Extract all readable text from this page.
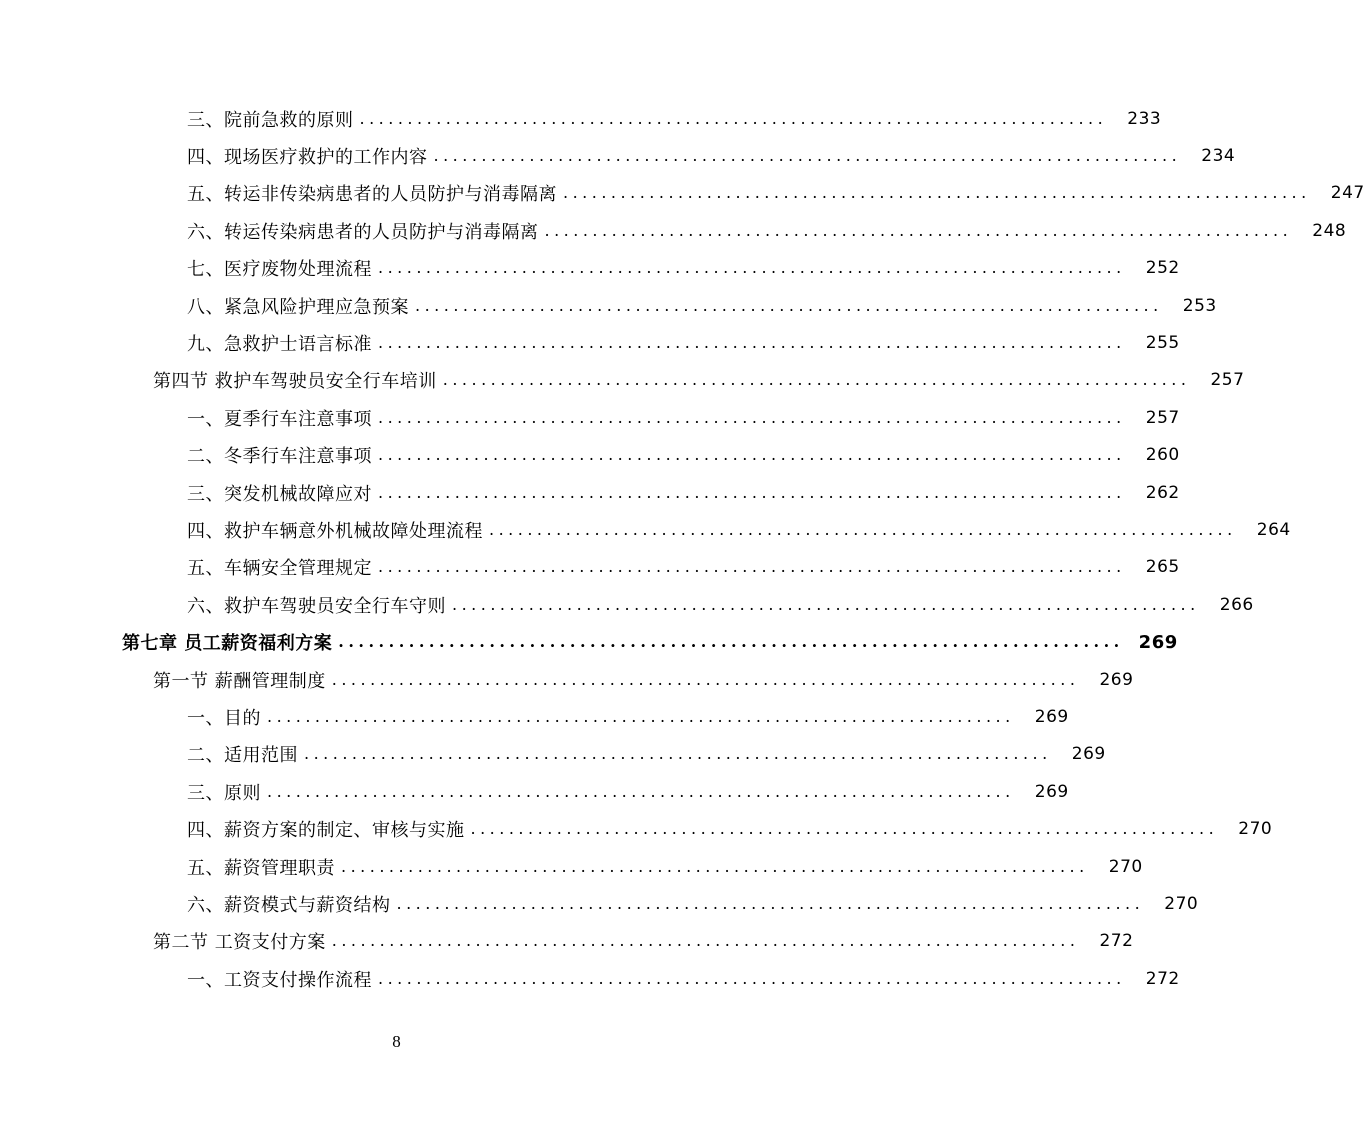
三、院前急救的原则 ..............................................................................	233
四、现场医疗救护的工作内容 ..............................................................................	234
五、转运非传染病患者的人员防护与消毒隔离 ..............................................................................	247
六、转运传染病患者的人员防护与消毒隔离 ..............................................................................	248
七、医疗废物处理流程 ..............................................................................	252
八、紧急风险护理应急预案 ..............................................................................	253
九、急救护士语言标准 ..............................................................................	255
第四节 救护车驾驶员安全行车培训 ..............................................................................	257
一、夏季行车注意事项 ..............................................................................	257
二、冬季行车注意事项 ..............................................................................	260
三、突发机械故障应对 ..............................................................................	262
四、救护车辆意外机械故障处理流程 ..............................................................................	264
五、车辆安全管理规定 ..............................................................................	265
六、救护车驾驶员安全行车守则 ..............................................................................	266
第七章 员工薪资福利方案 .............................................................................. 269
第一节 薪酬管理制度 ..............................................................................	269
一、目的 ..............................................................................	269
二、适用范围 ..............................................................................	269
三、原则 ..............................................................................	269
四、薪资方案的制定、审核与实施 ..............................................................................	270
五、薪资管理职责 ..............................................................................	270
六、薪资模式与薪资结构 ..............................................................................	270
第二节 工资支付方案 ..............................................................................	272
一、工资支付操作流程 ..............................................................................	272
8
